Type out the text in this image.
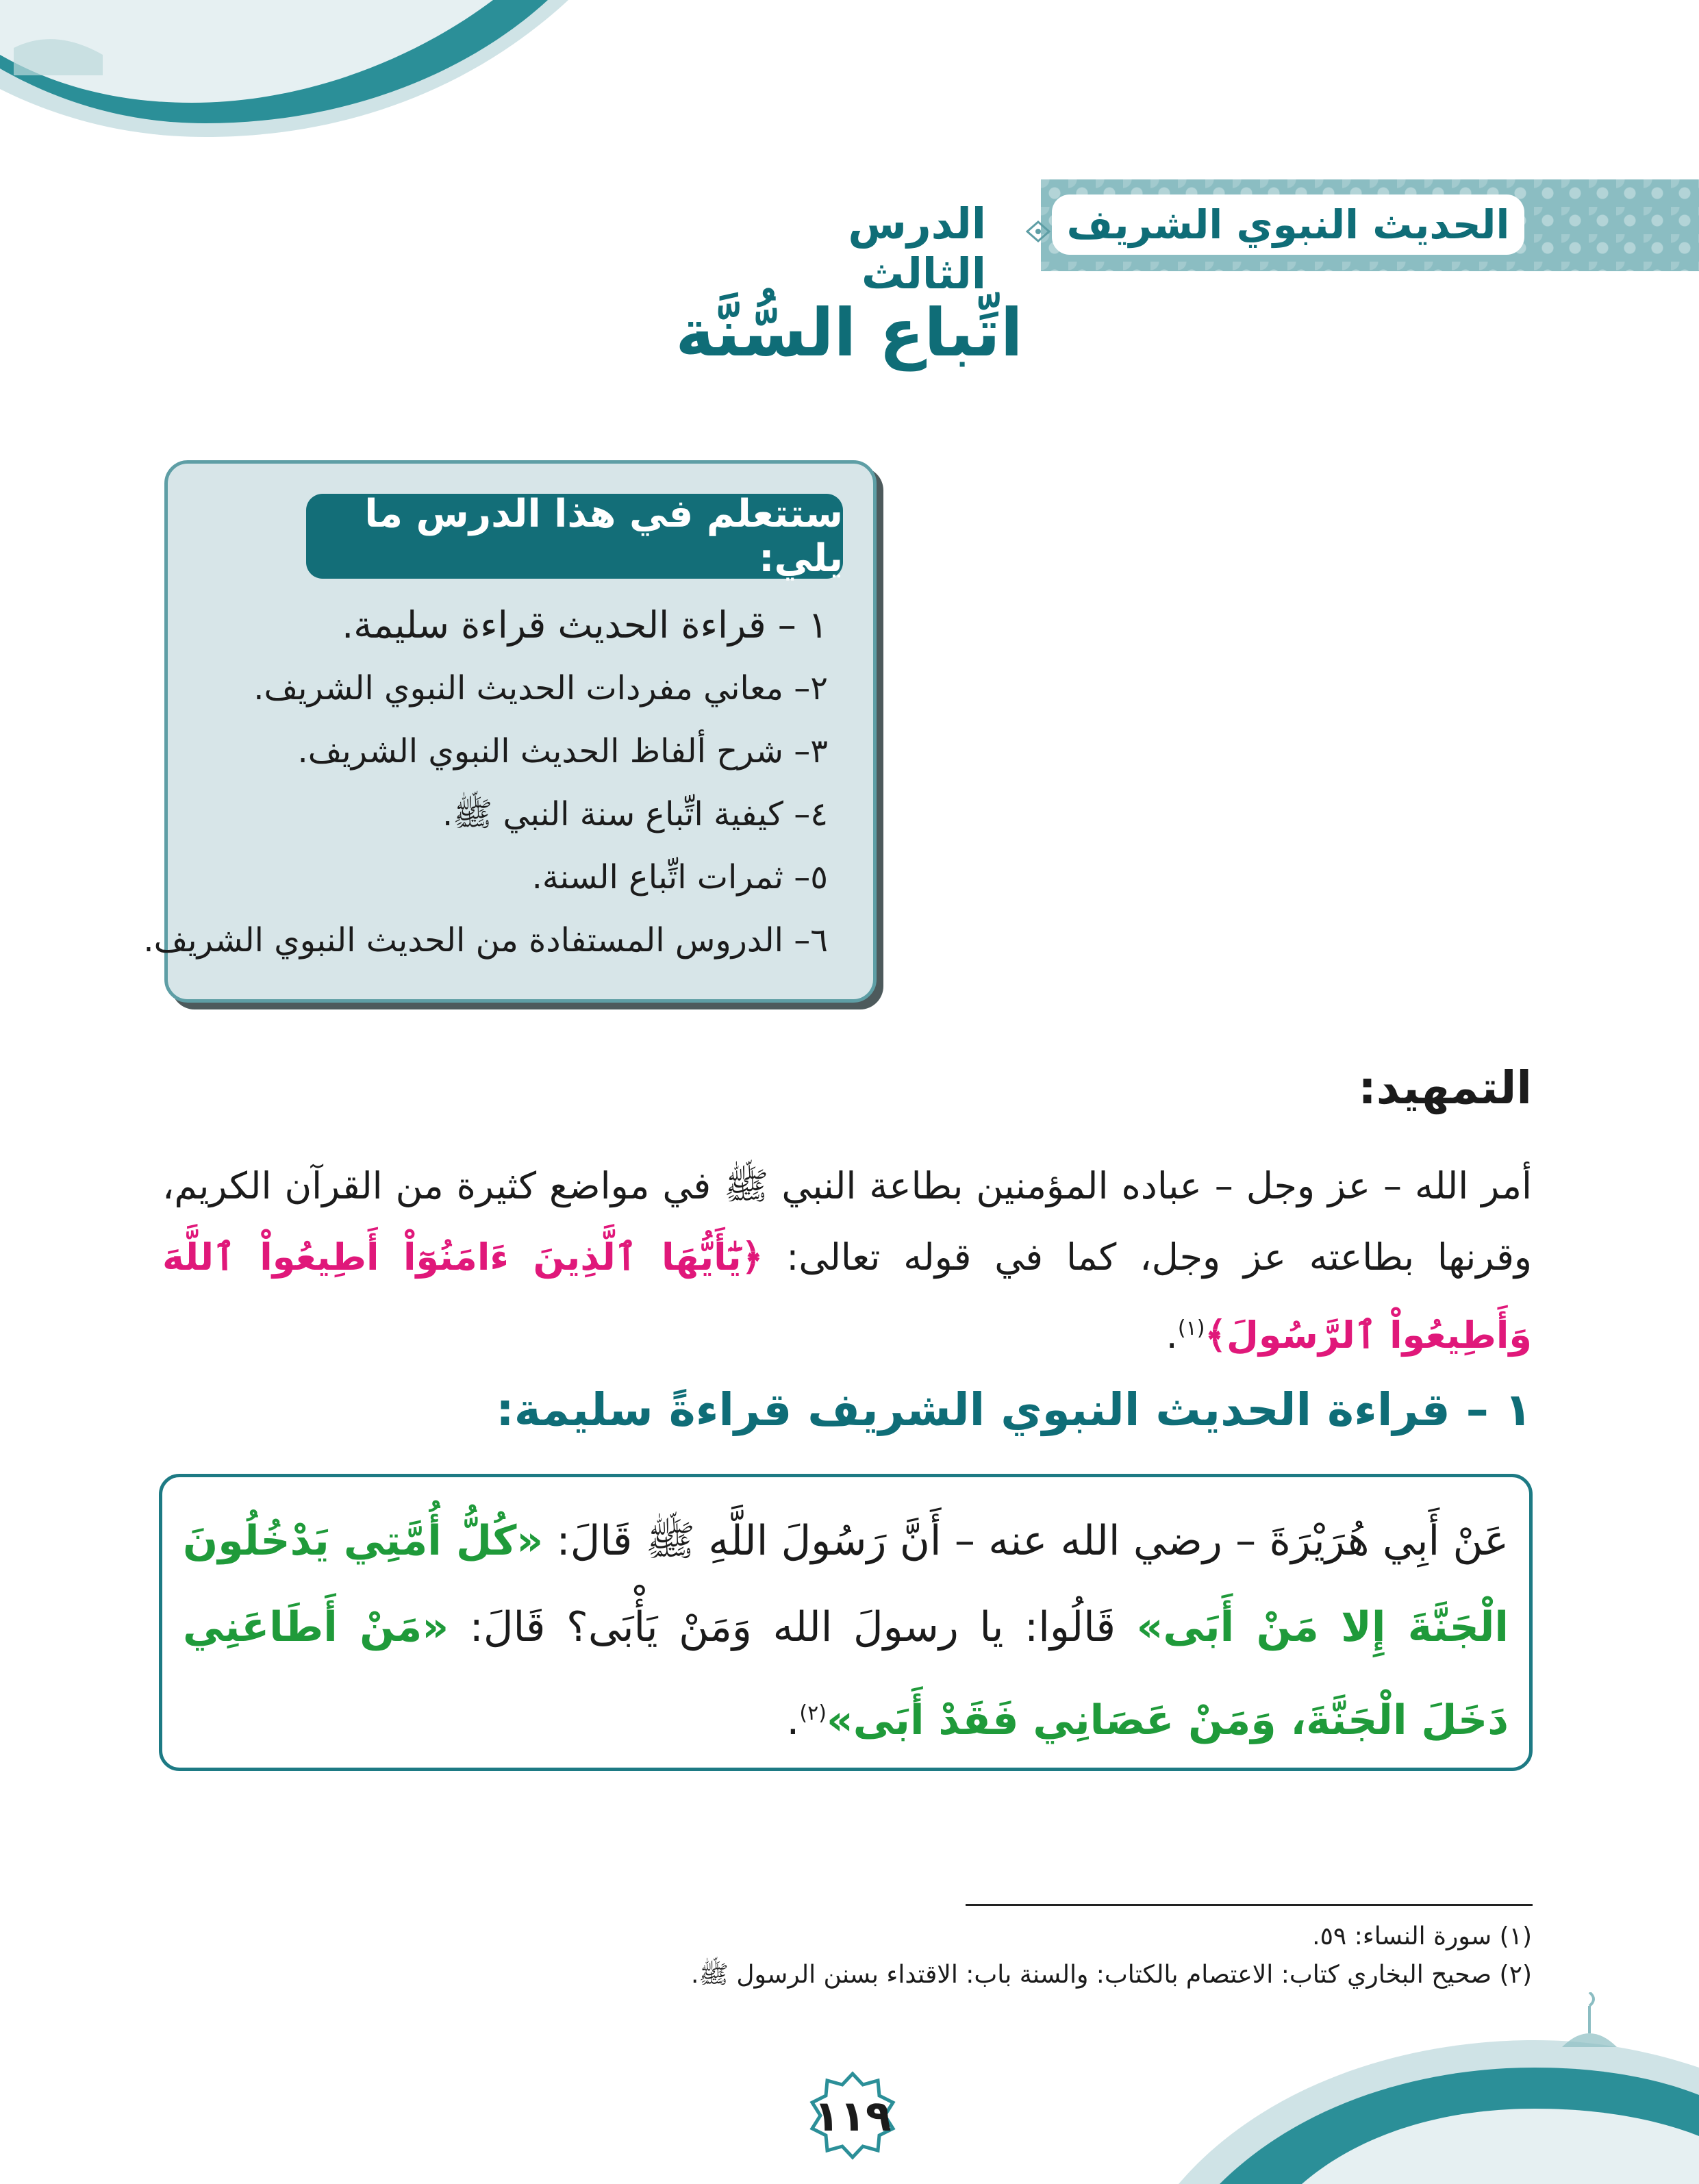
الحديث النبوي الشريف
الدرس الثالث
اتِّباع السُّنَّة
ستتعلم في هذا الدرس ما يلي:
١ – قراءة الحديث قراءة سليمة.
٢– معاني مفردات الحديث النبوي الشريف.
٣– شرح ألفاظ الحديث النبوي الشريف.
٤– كيفية اتِّباع سنة النبي ﷺ.
٥– ثمرات اتِّباع السنة.
٦– الدروس المستفادة من الحديث النبوي الشريف.
التمهيد:
أمر الله – عز وجل – عباده المؤمنين بطاعة النبي ﷺ في مواضع كثيرة من القرآن الكريم، وقرنها بطاعته عز وجل، كما في قوله تعالى: ﴿يَٰٓأَيُّهَا ٱلَّذِينَ ءَامَنُوٓاْ أَطِيعُواْ ٱللَّهَ وَأَطِيعُواْ ٱلرَّسُولَ﴾$^{(١)}$.
١ – قراءة الحديث النبوي الشريف قراءةً سليمة:
عَنْ أَبِي هُرَيْرَةَ – رضي الله عنه – أَنَّ رَسُولَ اللَّهِ ﷺ قَالَ: «كُلُّ أُمَّتِي يَدْخُلُونَ الْجَنَّةَ إِلا مَنْ أَبَى» قَالُوا: يا رسولَ الله وَمَنْ يَأْبَى؟ قَالَ: «مَنْ أَطَاعَنِي دَخَلَ الْجَنَّةَ، وَمَنْ عَصَانِي فَقَدْ أَبَى»$^{(٢)}$.
(١) سورة النساء: ٥٩.
(٢) صحيح البخاري كتاب: الاعتصام بالكتاب: والسنة باب: الاقتداء بسنن الرسول ﷺ.
١١٩
